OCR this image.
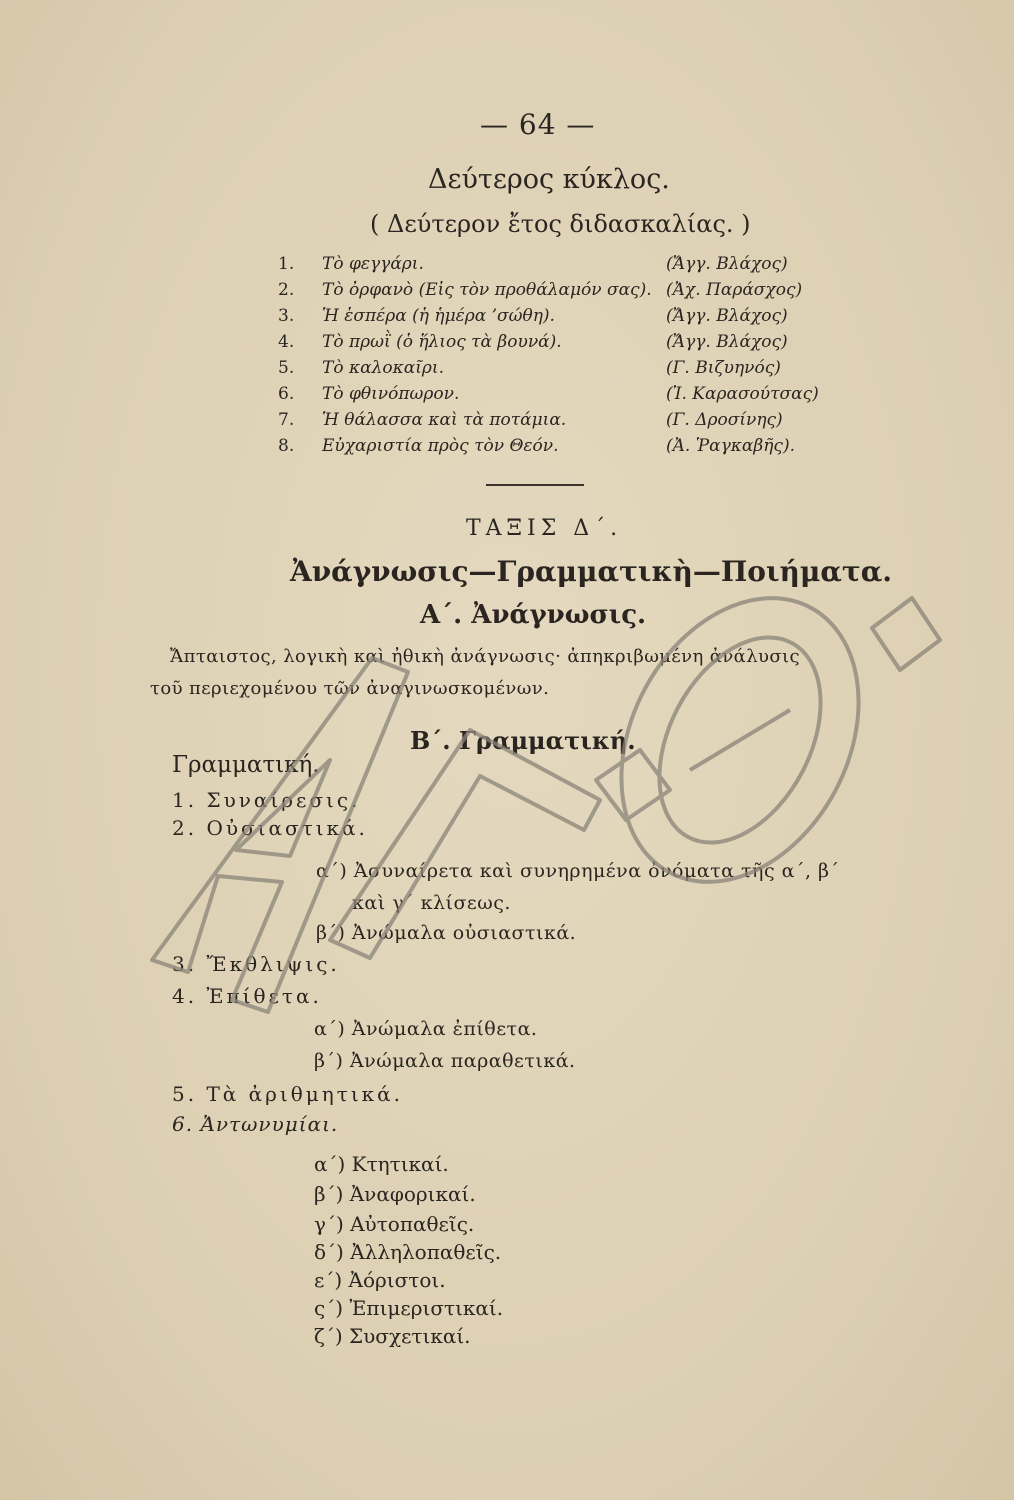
— 64 —
Δεύτερος κύκλος.
( Δεύτερον ἔτος διδασκαλίας. )
1. Τὸ φεγγάρι.	(Ἄγγ. Βλάχος)
2. Τὸ ὀρφανὸ (Εἰς τὸν προθάλαμόν σας). (Ἀχ. Παράσχος)
3. Ἡ ἑσπέρα (ἡ ἡμέρα ’σώθη).	(Ἄγγ. Βλάχος)
4. Τὸ πρωῒ (ὁ ἥλιος τὰ βουνά).	(Ἄγγ. Βλάχος)
5. Τὸ καλοκαῖρι.	(Γ. Βιζυηνός)
6. Τὸ φθινόπωρον.	(Ἰ. Καρασούτσας)
7. Ἡ θάλασσα καὶ τὰ ποτάμια.	(Γ. Δροσίνης)
8. Εὐχαριστία πρὸς τὸν Θεόν.	(Ἀ. Ῥαγκαβῆς).
ΤΑΞΙΣ Δ΄.
Ἀνάγνωσις—Γραμματικὴ—Ποιήματα.
Α΄. Ἀνάγνωσις.
Ἄπταιστος, λογικὴ καὶ ἠθικὴ ἀνάγνωσις· ἀπηκριβωμένη ἀνάλυσις
τοῦ περιεχομένου τῶν ἀναγινωσκομένων.
Β΄. Γραμματική.
Γραμματική.
1. Συναίρεσις.
2. Οὐσιαστικά.
α΄) Ἀσυναίρετα καὶ συνηρημένα ὀνόματα τῆς α΄, β΄
καὶ γ΄ κλίσεως.
β΄) Ἀνώμαλα οὐσιαστικά.
3. Ἔκθλιψις.
4. Ἐπίθετα.
α΄) Ἀνώμαλα ἐπίθετα.
β΄) Ἀνώμαλα παραθετικά.
5. Τὰ ἀριθμητικά.
6. Ἀντωνυμίαι.
α΄) Κτητικαί.
β΄) Ἀναφορικαί.
γ΄) Αὐτοπαθεῖς.
δ΄) Ἀλληλοπαθεῖς.
ε΄) Ἀόριστοι.
ς΄) Ἐπιμεριστικαί.
ζ΄) Συσχετικαί.
